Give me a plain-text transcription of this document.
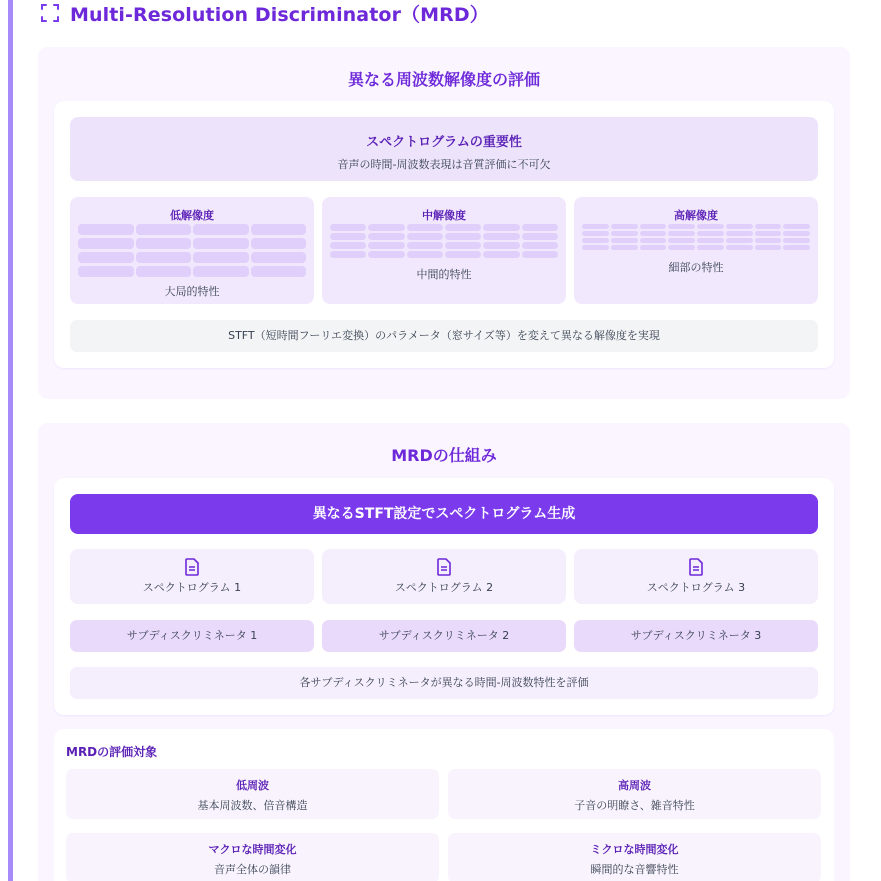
Multi-Resolution Discriminator（MRD）
異なる周波数解像度の評価
スペクトログラムの重要性
音声の時間-周波数表現は音質評価に不可欠
低解像度
大局的特性
中解像度
中間的特性
高解像度
細部の特性
STFT（短時間フーリエ変換）のパラメータ（窓サイズ等）を変えて異なる解像度を実現
MRDの仕組み
異なるSTFT設定でスペクトログラム生成
スペクトログラム 1	スペクトログラム 2	スペクトログラム 3
サブディスクリミネータ 1	サブディスクリミネータ 2	サブディスクリミネータ 3
各サブディスクリミネータが異なる時間-周波数特性を評価
MRDの評価対象
低周波
基本周波数、倍音構造
高周波
子音の明瞭さ、雑音特性
マクロな時間変化
音声全体の韻律
ミクロな時間変化
瞬間的な音響特性
